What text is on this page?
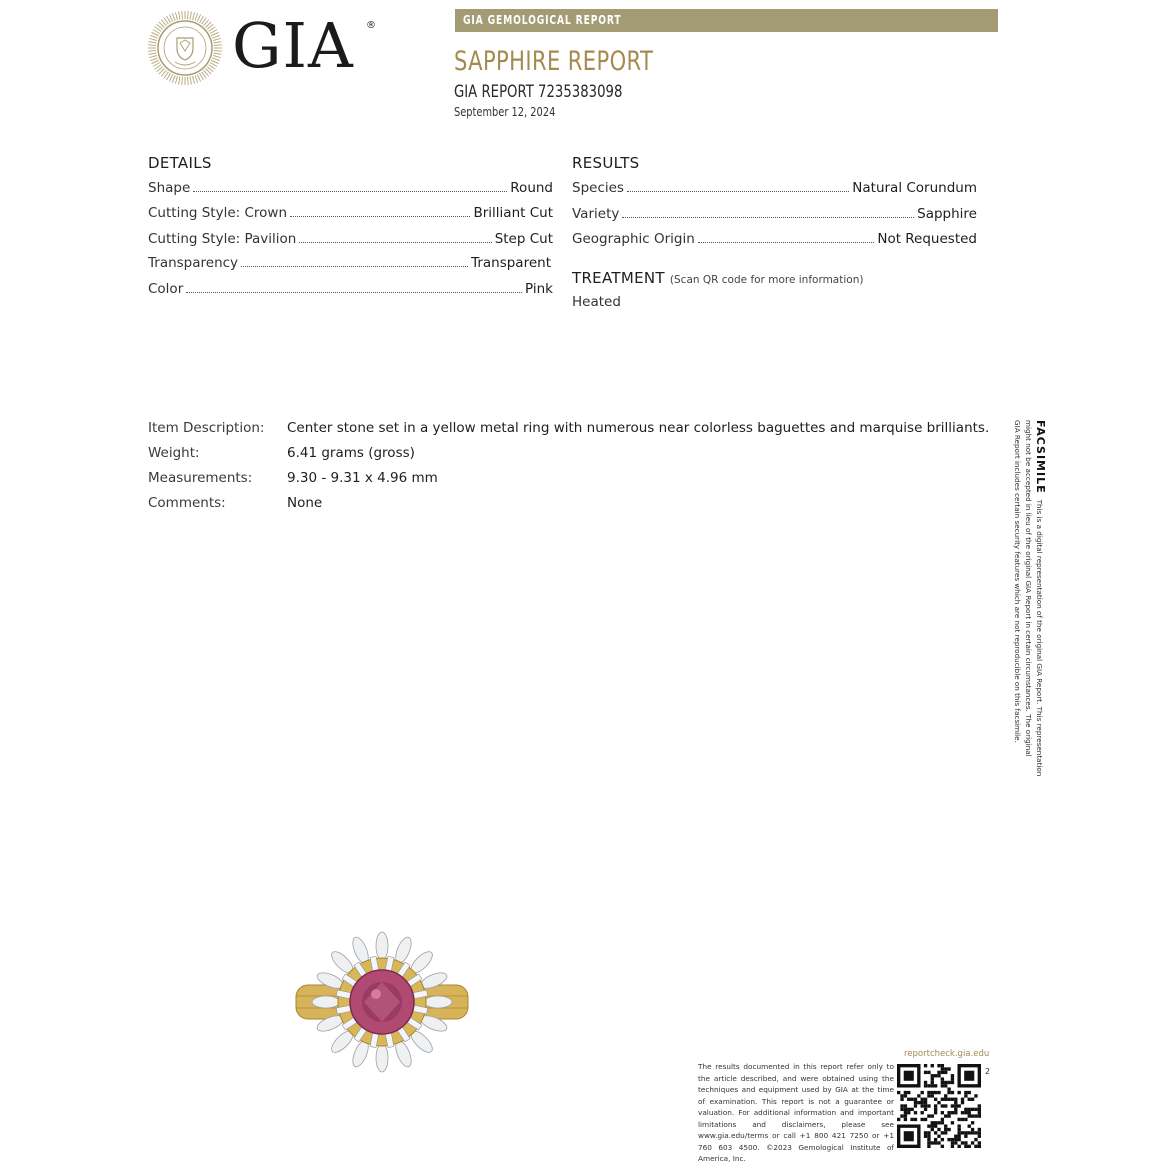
GIA ®	GIA GEMOLOGICAL REPORT
SAPPHIRE REPORT
GIA REPORT 7235383098
September 12, 2024
DETAILS
Shape	Round
Cutting Style: Crown	Brilliant Cut
Cutting Style: Pavilion	Step Cut
Transparency	Transparent
Color	Pink
RESULTS
Species	Natural Corundum
Variety	Sapphire
Geographic Origin	Not Requested
TREATMENT (Scan QR code for more information)
Heated
Item Description: Center stone set in a yellow metal ring with numerous near colorless baguettes and marquise brilliants.
Weight:	6.41 grams (gross)
Measurements:	9.30 - 9.31 x 4.96 mm
Comments:	None
FACSIMILEThis is a digital representation of the original GIA Report. This representation
might not be accepted in lieu of the original GIA Report in certain circumstances. The original
GIA Report includes certain security features which are not reproducible on this facsimile.
reportcheck.gia.edu
The results documented in this report refer only to the article described, and were obtained using the techniques and equipment used by GIA at the time of examination. This report is not a guarantee or valuation. For additional information and important limitations and disclaimers, please see www.gia.edu/terms or call +1 800 421 7250 or +1 760 603 4500. ©2023 Gemological Institute of America, Inc.
2
